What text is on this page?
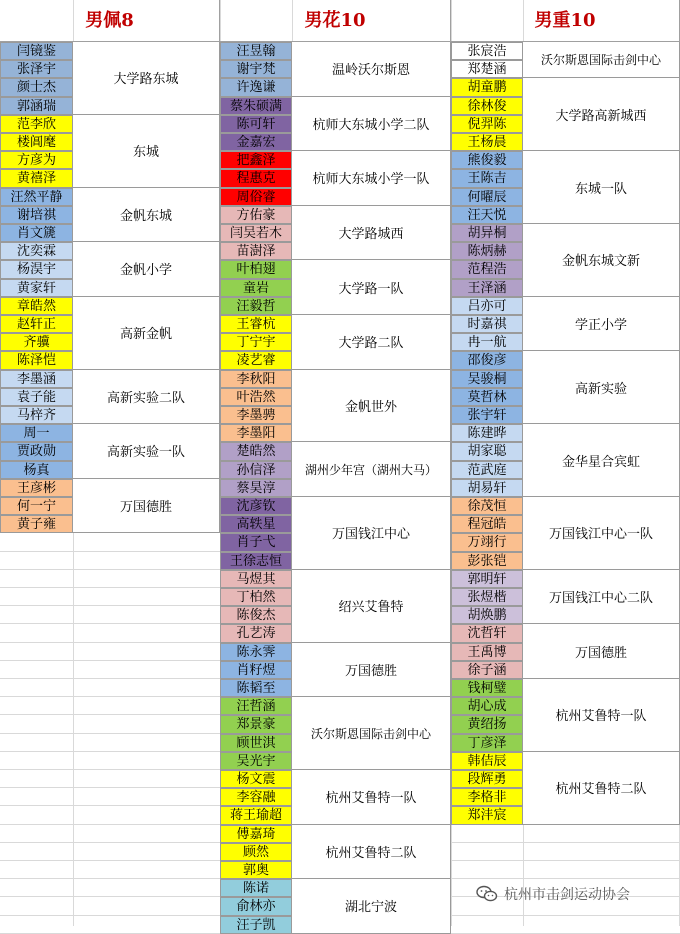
男佩8
闫镜鉴
张泽宇
颜士杰
郭涵瑞
大学路东城
范李欣
楼阊麾
方彦为
黄禧泽
东城
汪然平静
谢培祺
肖文篪
金帆东城
沈奕霖
杨淏宇
黄家轩
金帆小学
章皓然
赵轩正
齐骥
陈泽恺
高新金帆
李墨涵
袁子能
马梓齐
高新实验二队
周一
贾政勋
杨真
高新实验一队
王彦彬
何一宁
黄子雍
万国德胜
男花10
汪昱翰
谢宇梵
许逸谦
温岭沃尔斯恩
蔡朱硕满
陈可轩
金嘉宏
杭师大东城小学二队
把鑫泽
程惠克
周俗睿
杭师大东城小学一队
方佑豪
闫吴若木
苗澍泽
大学路城西
叶柏翅
童岩
汪毅哲
大学路一队
王睿杭
丁宁宇
凌艺睿
大学路二队
李秋阳
叶浩然
李墨骋
李墨阳
金帆世外
楚皓然
孙信泽
蔡昊淳
湖州少年宫（湖州大马）
沈彦钦
高轶星
肖子弋
王徐志恒
万国钱江中心
马煜其
丁柏然
陈俊杰
孔艺涛
绍兴艾鲁特
陈永霁
肖籽煜
陈韬至
万国德胜
汪哲涵
郑景豪
顾世淇
吴光宇
沃尔斯恩国际击剑中心
杨文震
李容融
蒋王瑜超
杭州艾鲁特一队
傅嘉琦
顾然
郭奥
杭州艾鲁特二队
陈诺
俞林亦
汪子凯
湖北宁波
男重10
张宸浩
郑楚涵
沃尔斯恩国际击剑中心
胡童鹏
徐林俊
倪羿陈
王杨晨
大学路高新城西
熊俊毅
王陈吉
何曜辰
汪天悦
东城一队
胡异桐
陈炳赫
范程浩
王泽涵
金帆东城文新
吕亦可
时嘉祺
冉一航
学正小学
邵俊彦
吴骏桐
莫哲林
张宇轩
高新实验
陈建晔
胡家聪
范武庭
胡易轩
金华星合宾虹
徐茂恒
程冠皓
万翊行
彭张铠
万国钱江中心一队
郭明轩
张煜楷
胡焕鹏
万国钱江中心二队
沈哲轩
王禹博
徐子涵
万国德胜
钱柯璧
胡心成
黄绍扬
丁彦泽
杭州艾鲁特一队
韩佶辰
段辉勇
李格非
郑沣宸
杭州艾鲁特二队
杭州市击剑运动协会
